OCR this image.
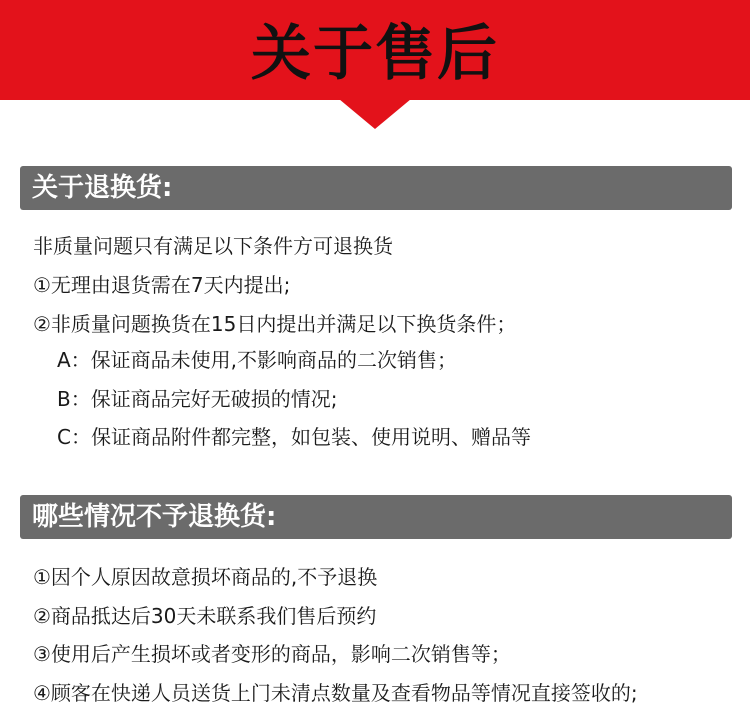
关于售后
关于退换货:
非质量问题只有满足以下条件方可退换货
①无理由退货需在7天内提出;
②非质量问题换货在15日内提出并满足以下换货条件；
A：保证商品未使用,不影响商品的二次销售；
B：保证商品完好无破损的情况;
C：保证商品附件都完整，如包装、使用说明、赠品等
哪些情况不予退换货:
①因个人原因故意损坏商品的,不予退换
②商品抵达后30天未联系我们售后预约
③使用后产生损坏或者变形的商品，影响二次销售等；
④顾客在快递人员送货上门未清点数量及查看物品等情况直接签收的;
